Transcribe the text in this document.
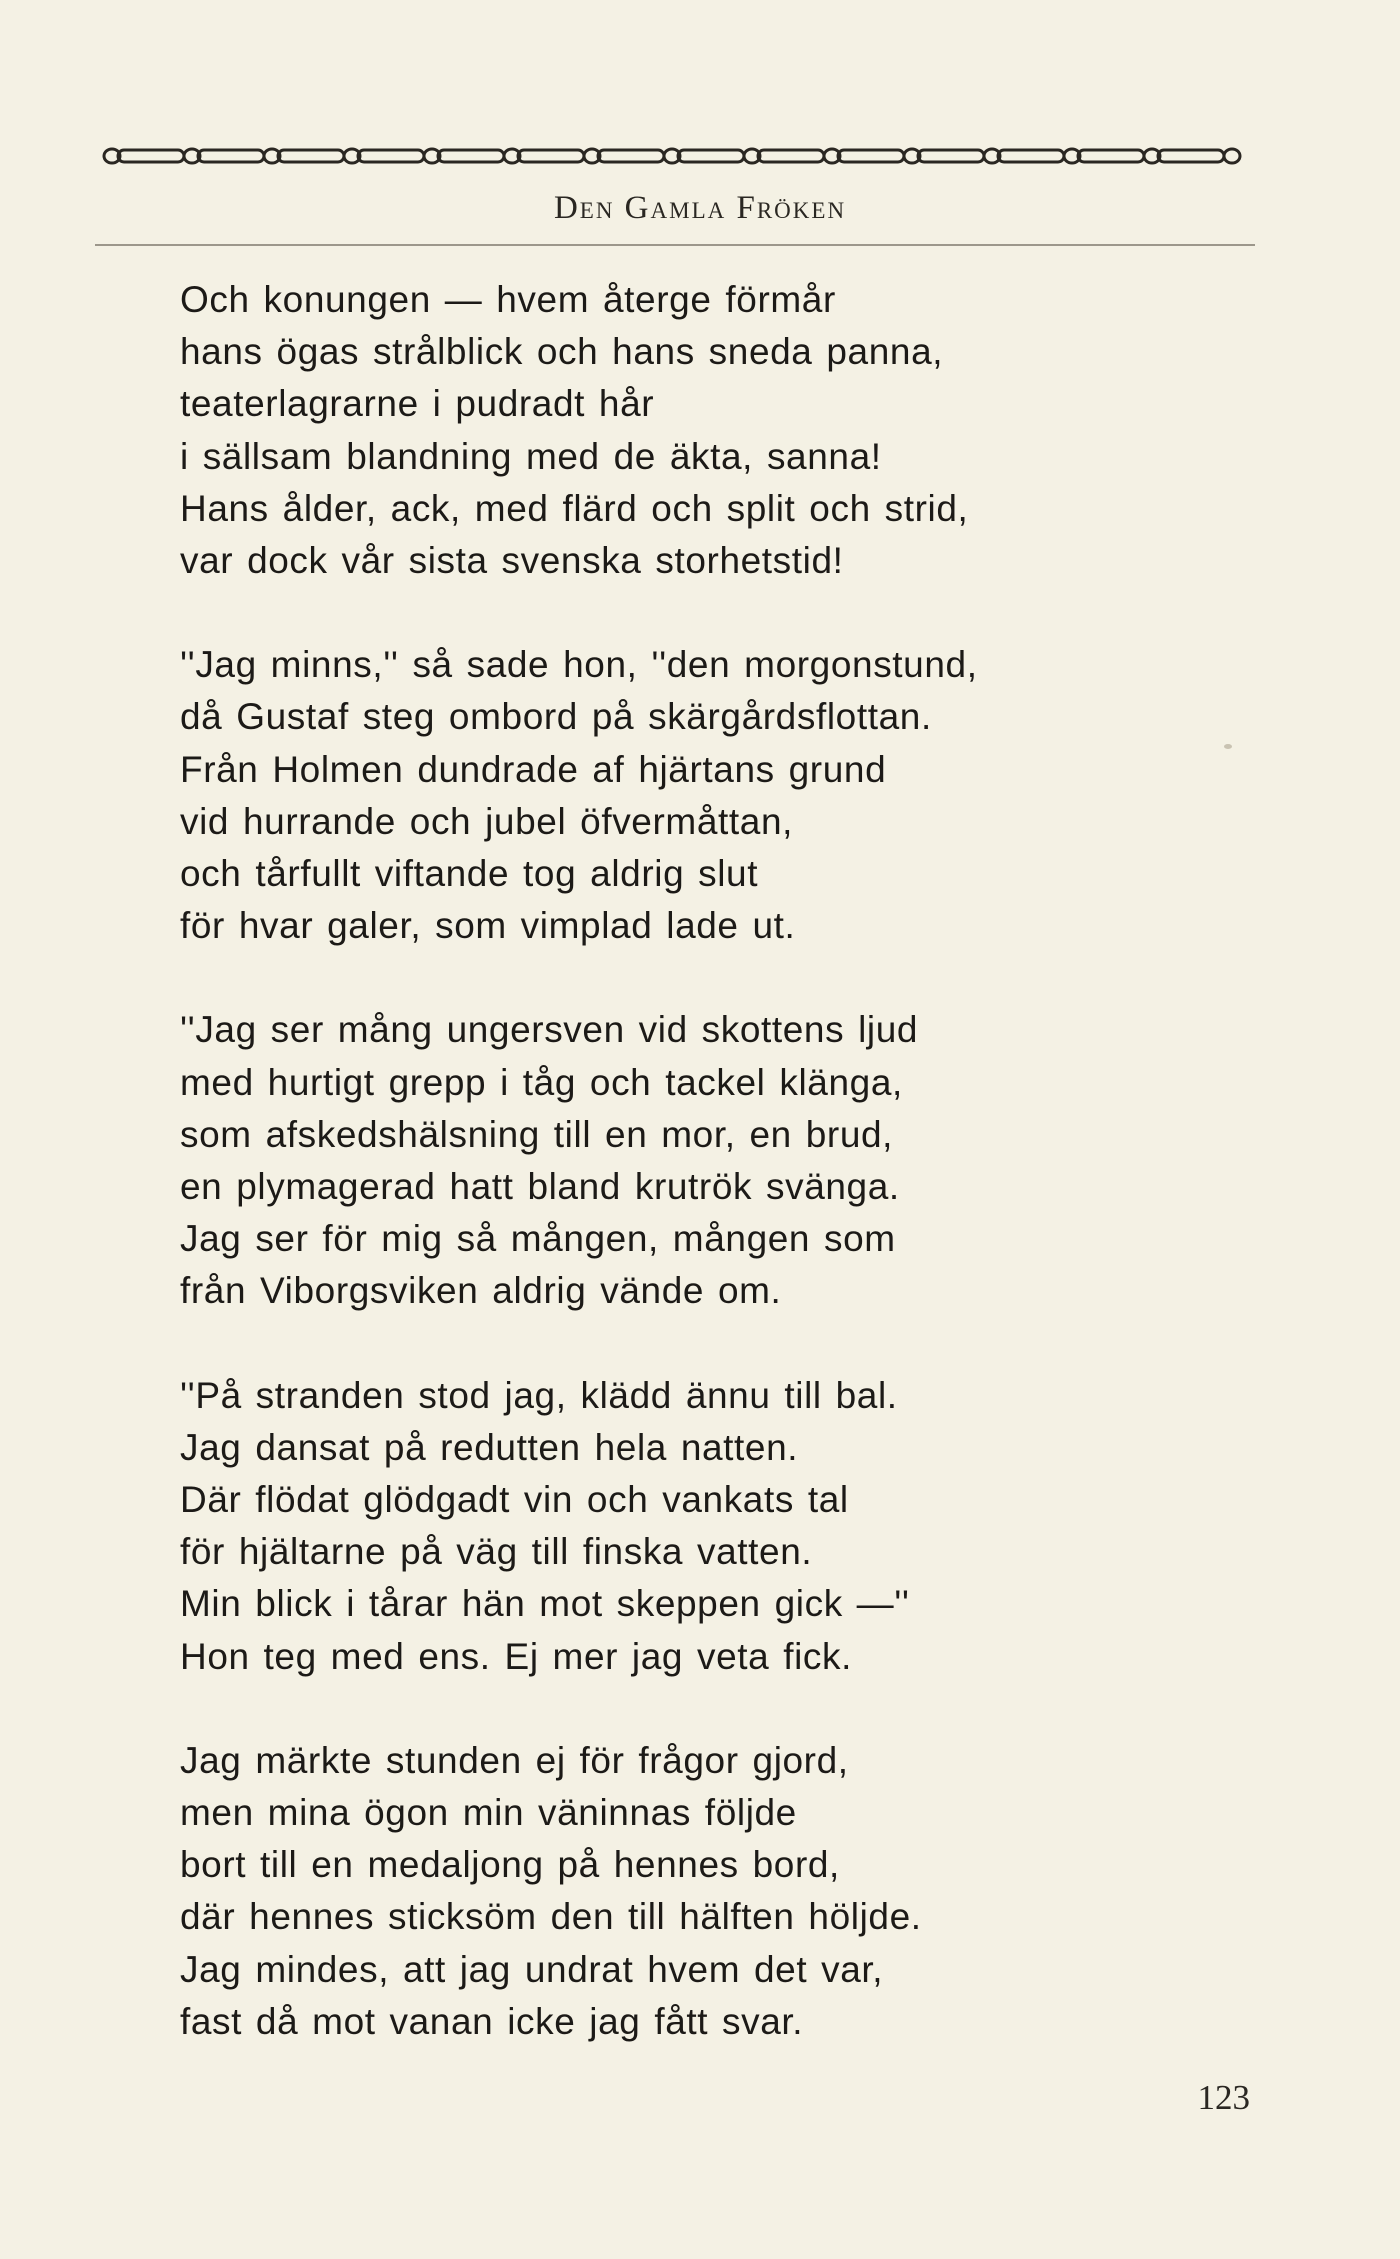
Den Gamla Fröken
Och konungen — hvem återge förmår
hans ögas strålblick och hans sneda panna,
teaterlagrarne i pudradt hår
i sällsam blandning med de äkta, sanna!
Hans ålder, ack, med flärd och split och strid,
var dock vår sista svenska storhetstid!
''Jag minns,'' så sade hon, ''den morgonstund,
då Gustaf steg ombord på skärgårdsflottan.
Från Holmen dundrade af hjärtans grund
vid hurrande och jubel öfvermåttan,
och tårfullt viftande tog aldrig slut
för hvar galer, som vimplad lade ut.
''Jag ser mång ungersven vid skottens ljud
med hurtigt grepp i tåg och tackel klänga,
som afskedshälsning till en mor, en brud,
en plymagerad hatt bland krutrök svänga.
Jag ser för mig så mången, mången som
från Viborgsviken aldrig vände om.
''På stranden stod jag, klädd ännu till bal.
Jag dansat på redutten hela natten.
Där flödat glödgadt vin och vankats tal
för hjältarne på väg till finska vatten.
Min blick i tårar hän mot skeppen gick —''
Hon teg med ens. Ej mer jag veta fick.
Jag märkte stunden ej för frågor gjord,
men mina ögon min väninnas följde
bort till en medaljong på hennes bord,
där hennes sticksöm den till hälften höljde.
Jag mindes, att jag undrat hvem det var,
fast då mot vanan icke jag fått svar.
123
